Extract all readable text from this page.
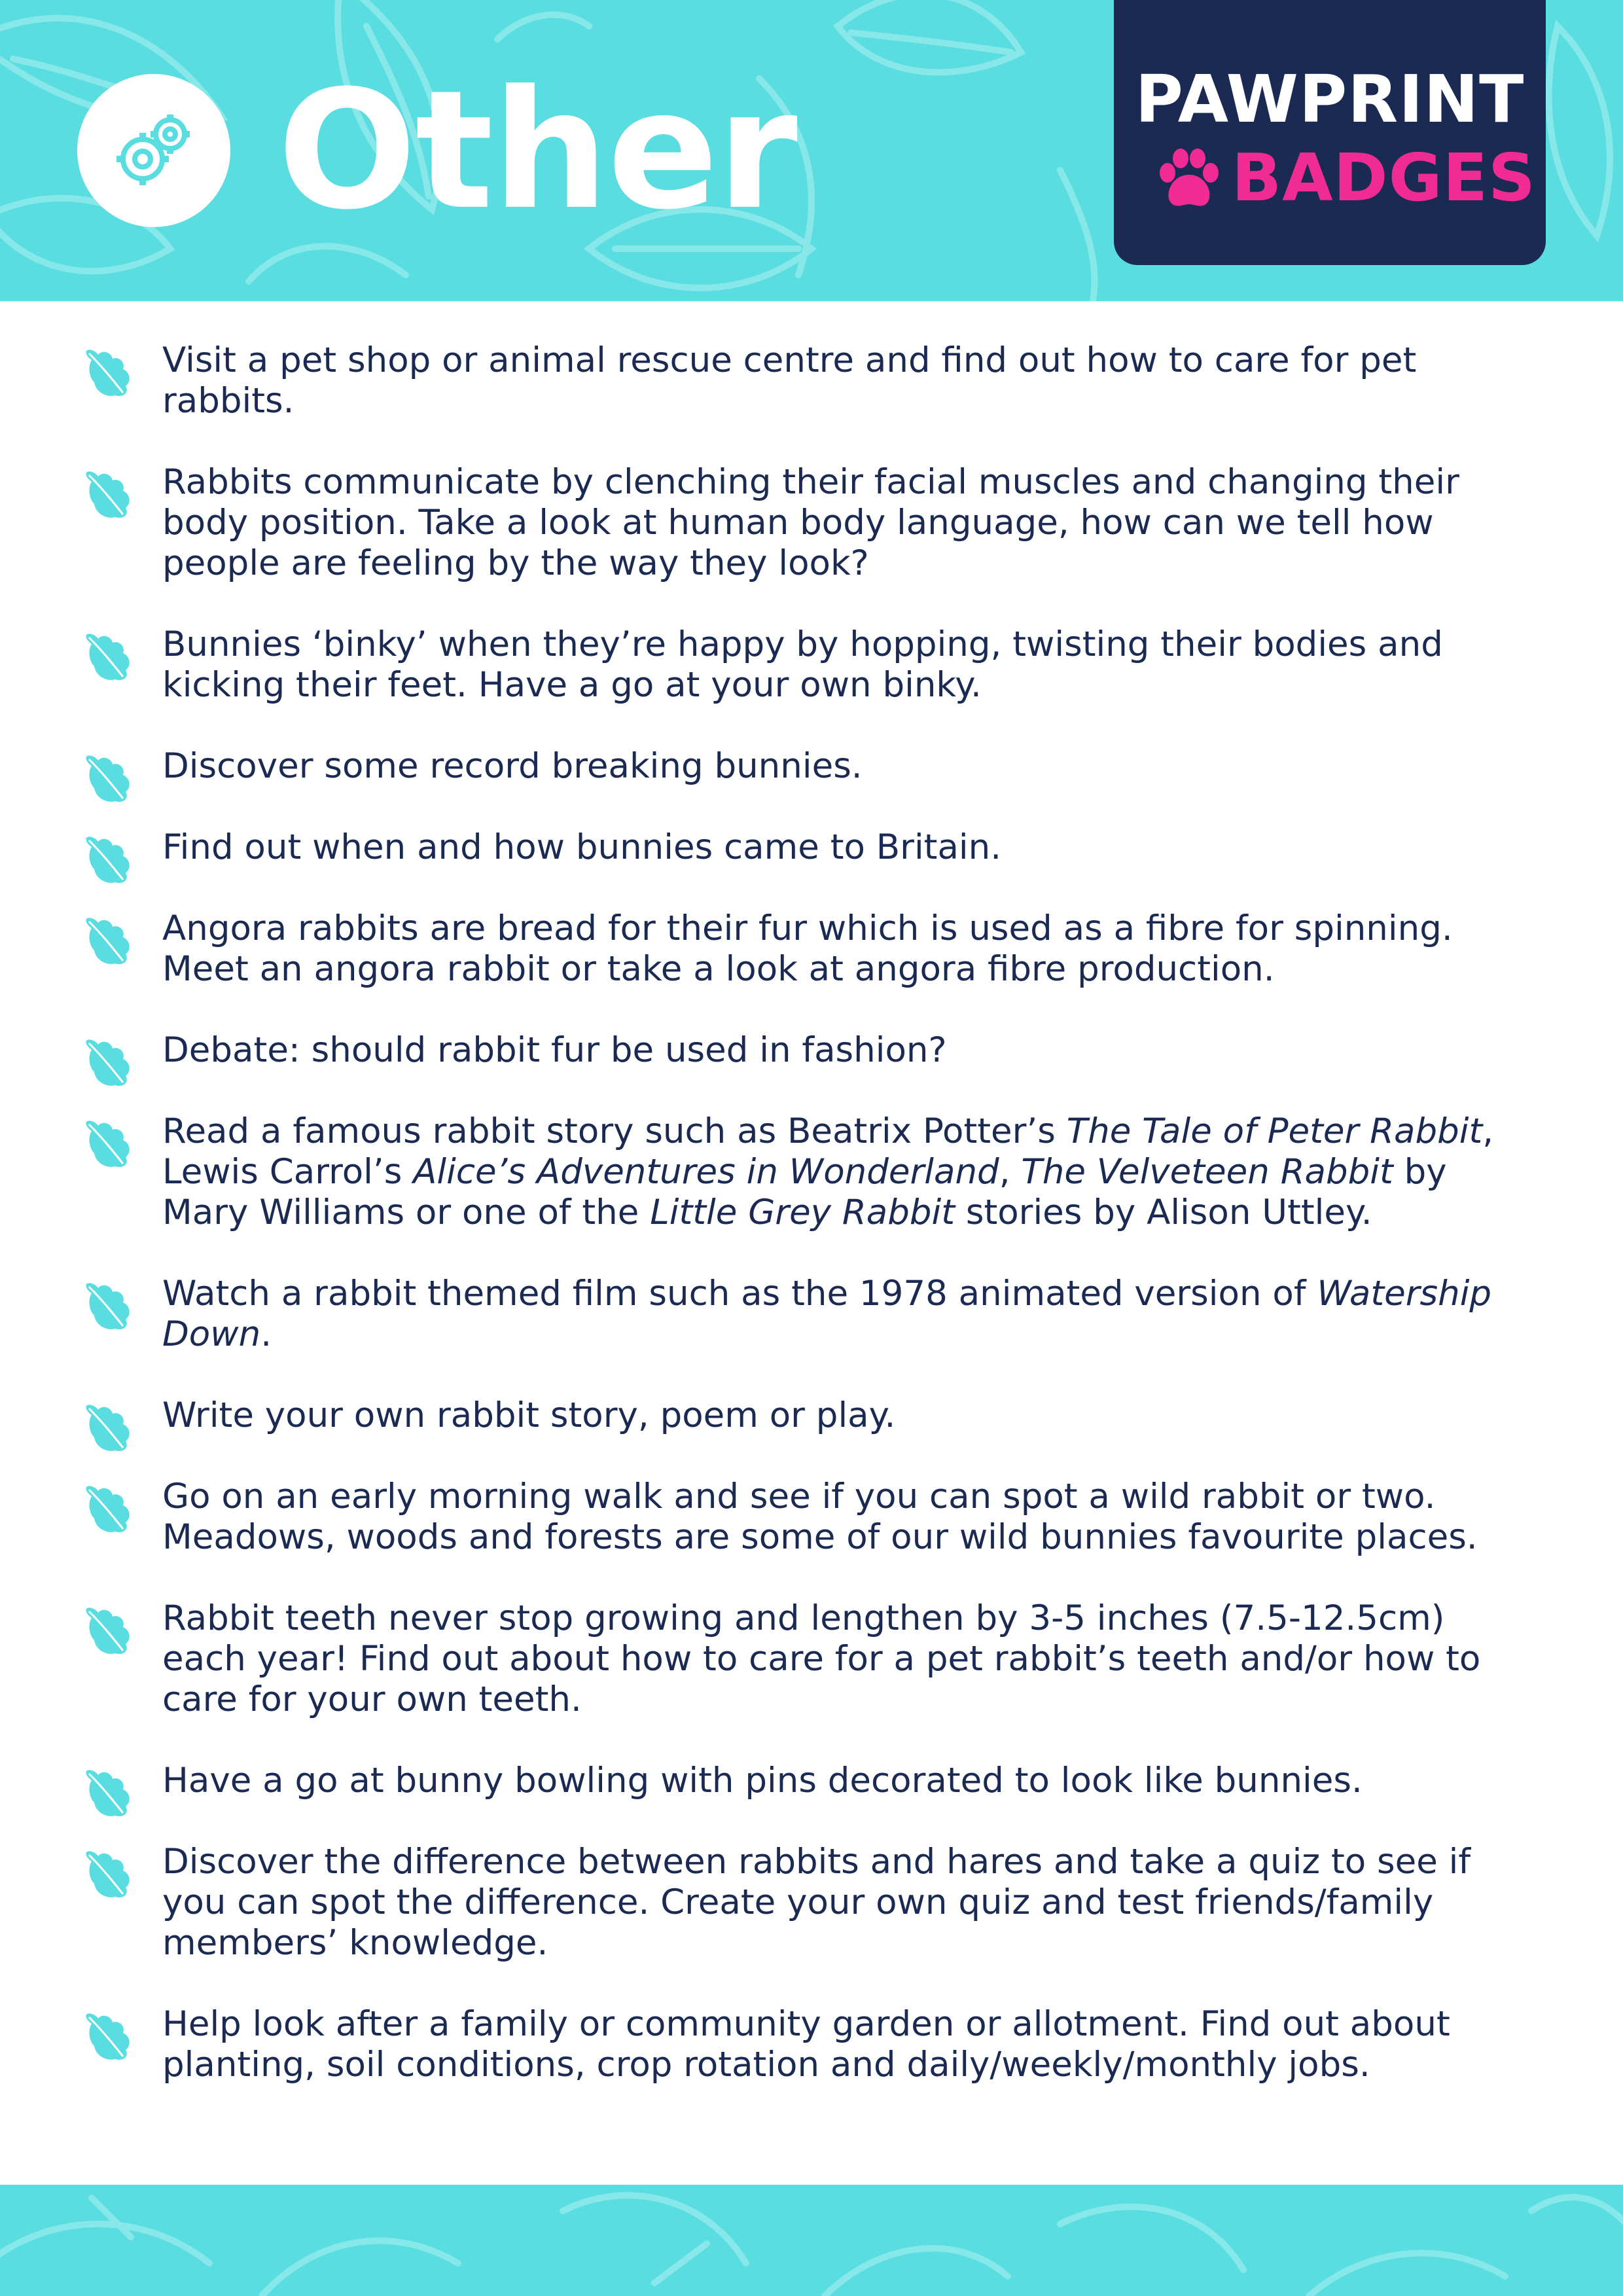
Other	PAWPRINT
BADGES
Visit a pet shop or animal rescue centre and find out how to care for pet rabbits.
Rabbits communicate by clenching their facial muscles and changing their body position. Take a look at human body language, how can we tell how people are feeling by the way they look?
Bunnies ‘binky’ when they’re happy by hopping, twisting their bodies and kicking their feet. Have a go at your own binky.
Discover some record breaking bunnies.
Find out when and how bunnies came to Britain.
Angora rabbits are bread for their fur which is used as a fibre for spinning. Meet an angora rabbit or take a look at angora fibre production.
Debate: should rabbit fur be used in fashion?
Read a famous rabbit story such as Beatrix Potter’s The Tale of Peter Rabbit, Lewis Carrol’s Alice’s Adventures in Wonderland, The Velveteen Rabbit by Mary Williams or one of the Little Grey Rabbit stories by Alison Uttley.
Watch a rabbit themed film such as the 1978 animated version of Watership Down.
Write your own rabbit story, poem or play.
Go on an early morning walk and see if you can spot a wild rabbit or two. Meadows, woods and forests are some of our wild bunnies favourite places.
Rabbit teeth never stop growing and lengthen by 3-5 inches (7.5-12.5cm) each year! Find out about how to care for a pet rabbit’s teeth and/or how to care for your own teeth.
Have a go at bunny bowling with pins decorated to look like bunnies.
Discover the difference between rabbits and hares and take a quiz to see if you can spot the difference. Create your own quiz and test friends/family members’ knowledge.
Help look after a family or community garden or allotment. Find out about planting, soil conditions, crop rotation and daily/weekly/monthly jobs.
